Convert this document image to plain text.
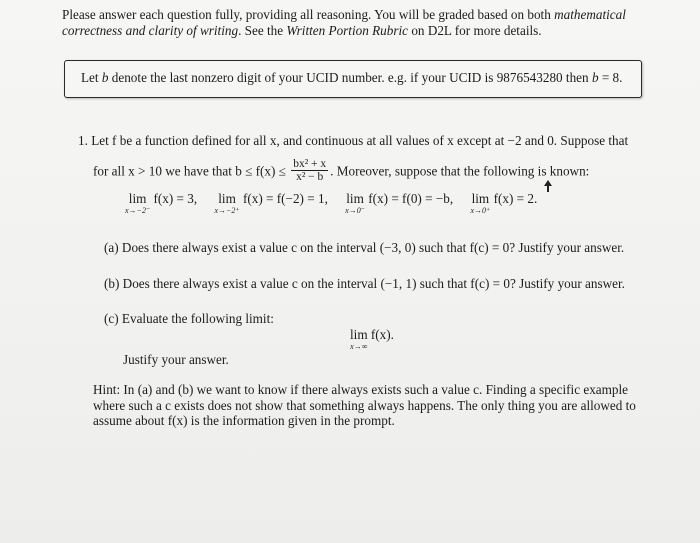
Please answer each question fully, providing all reasoning. You will be graded based on both mathematical
correctness and clarity of writing. See the Written Portion Rubric on D2L for more details.
Let b denote the last nonzero digit of your UCID number. e.g. if your UCID is 9876543280 then b = 8.
1. Let f be a function defined for all x, and continuous at all values of x except at −2 and 0. Suppose that
for all x > 10 we have that $b \le f(x) \le \frac{\text{bx² + x}}{\text{x² − b}}$ . Moreover, suppose that the following is known:
lim
x→−2⁻
f(x) = 3, lim
x→−2⁺
f(x) = f(−2) = 1, lim
x→0⁻
f(x) = f(0) = −b, lim
x→0⁺
f(x) = 2.
(a) Does there always exist a value c on the interval (−3, 0) such that f(c) = 0? Justify your answer.
(b) Does there always exist a value c on the interval (−1, 1) such that f(c) = 0? Justify your answer.
(c) Evaluate the following limit:
lim
x→∞
f(x).
Justify your answer.
Hint: In (a) and (b) we want to know if there always exists such a value c. Finding a specific example
where such a c exists does not show that something always happens. The only thing you are allowed to
assume about f(x) is the information given in the prompt.
